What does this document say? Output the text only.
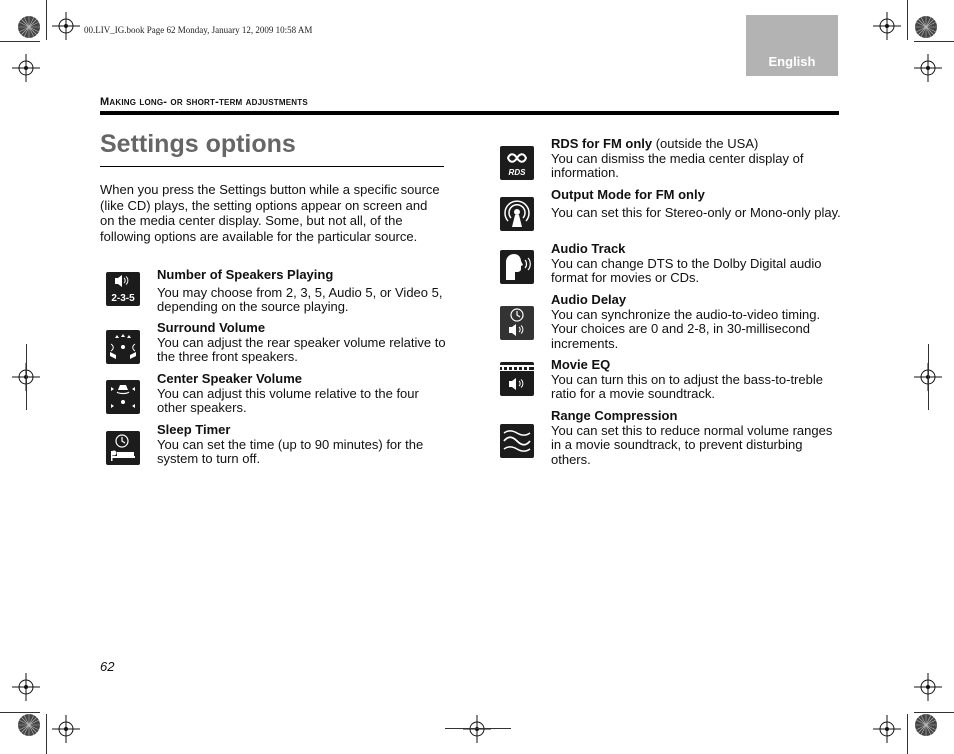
00.LIV_IG.book Page 62 Monday, January 12, 2009 10:58 AM
English
Making long- or short-term adjustments
Settings options
When you press the Settings button while a specific source (like CD) plays, the setting options appear on screen and on the media center display. Some, but not all, of the following options are available for the particular source.
2-3-5
Number of Speakers Playing
You may choose from 2, 3, 5, Audio 5, or Video 5, depending on the source playing.
Surround Volume
You can adjust the rear speaker volume relative to the three front speakers.
Center Speaker Volume
You can adjust this volume relative to the four other speakers.
Sleep Timer
You can set the time (up to 90 minutes) for the system to turn off.
RDS
RDS for FM only (outside the USA)
You can dismiss the media center display of information.
Output Mode for FM only
You can set this for Stereo-only or Mono-only play.
Audio Track
You can change DTS to the Dolby Digital audio format for movies or CDs.
Audio Delay
You can synchronize the audio-to-video timing. Your choices are 0 and 2-8, in 30-millisecond increments.
Movie EQ
You can turn this on to adjust the bass-to-treble ratio for a movie soundtrack.
Range Compression
You can set this to reduce normal volume ranges in a movie soundtrack, to prevent disturbing others.
62
